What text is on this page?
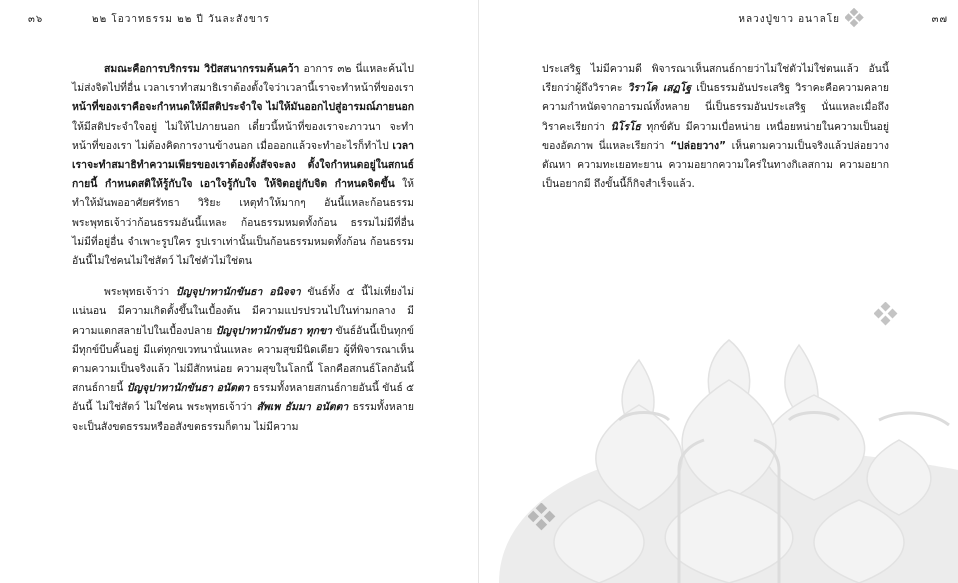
๓๖	๒๒ โอวาทธรรม ๒๒ ปี วันละสังขาร

สมณะคือการบริกรรม วิปัสสนากรรมค้นคว้า อาการ ๓๒ นี่แหละค้นไป ไม่ส่งจิตไปที่อื่น เวลาเราทำสมาธิเราต้องตั้งใจว่าเวลานี้เราจะทำหน้าที่ของเรา หน้าที่ของเราคือจะกำหนดให้มีสติประจำใจ ไม่ให้มันออกไปสู่อารมณ์ภายนอก ให้มีสติประจำใจอยู่ ไม่ให้ไปภายนอก เดี๋ยวนี้หน้าที่ของเราจะภาวนา จะทำหน้าที่ของเรา ไม่ต้องคิดการงานข้างนอก เมื่อออกแล้วจะทำอะไรก็ทำไป เวลาเราจะทำสมาธิทำความเพียรของเราต้องตั้งสัจจะลง ตั้งใจกำหนดอยู่ในสกนธ์กายนี้ กำหนดสติให้รู้กับใจ เอาใจรู้กับใจ ให้จิตอยู่กับจิต กำหนดจิตขึ้น ให้ทำให้มันพออาศัยศรัทธา วิริยะ เหตุทำให้มากๆ อันนี้แหละก้อนธรรม พระพุทธเจ้าว่าก้อนธรรมอันนี้แหละ ก้อนธรรมหมดทั้งก้อน ธรรมไม่มีที่อื่น ไม่มีที่อยู่อื่น จำเพาะรูปใคร รูปเราเท่านั้นเป็นก้อนธรรมหมดทั้งก้อน ก้อนธรรมอันนี้ไม่ใช่คนไม่ใช่สัตว์ ไม่ใช่ตัวไม่ใช่ตน

พระพุทธเจ้าว่า ปัญจุปาทานักขันธา อนิจจา ขันธ์ทั้ง ๕ นี้ไม่เที่ยงไม่แน่นอน มีความเกิดตั้งขึ้นในเบื้องต้น มีความแปรปรวนไปในท่ามกลาง มีความแตกสลายไปในเบื้องปลาย ปัญจุปาทานักขันธา ทุกขา ขันธ์อันนี้เป็นทุกข์ มีทุกข์บีบคั้นอยู่ มีแต่ทุกขเวทนานั่นแหละ ความสุขมีนิดเดียว ผู้ที่พิจารณาเห็นตามความเป็นจริงแล้ว ไม่มีสักหน่อย ความสุขในโลกนี้ โลกคือสกนธ์โลกอันนี้ สกนธ์กายนี้ ปัญจุปาทานักขันธา อนัตตา ธรรมทั้งหลายสกนธ์กายอันนี้ ขันธ์ ๕ อันนี้ ไม่ใช่สัตว์ ไม่ใช่คน พระพุทธเจ้าว่า สัพเพ ธัมมา อนัตตา ธรรมทั้งหลายจะเป็นสังขตธรรมหรืออสังขตธรรมก็ตาม ไม่มีความ

หลวงปู่ขาว อนาลโย	๓๗

ประเสริฐ ไม่มีความดี พิจารณาเห็นสกนธ์กายว่าไม่ใช่ตัวไม่ใช่ตนแล้ว อันนี้เรียกว่าผู้ถึงวิราคะ วิราโค เสฏโฐ เป็นธรรมอันประเสริฐ วิราคะคือความคลายความกำหนัดจากอารมณ์ทั้งหลาย นี่เป็นธรรมอันประเสริฐ นั่นแหละเมื่อถึงวิราคะเรียกว่า นิโรโธ ทุกข์ดับ มีความเบื่อหน่าย เหนื่อยหน่ายในความเป็นอยู่ของอัตภาพ นี่แหละเรียกว่า “ปล่อยวาง” เห็นตามความเป็นจริงแล้วปล่อยวางตัณหา ความทะเยอทะยาน ความอยากความใคร่ในทางกิเลสกาม ความอยากเป็นอยากมี ถึงขั้นนี้ก็กิจสำเร็จแล้ว.
